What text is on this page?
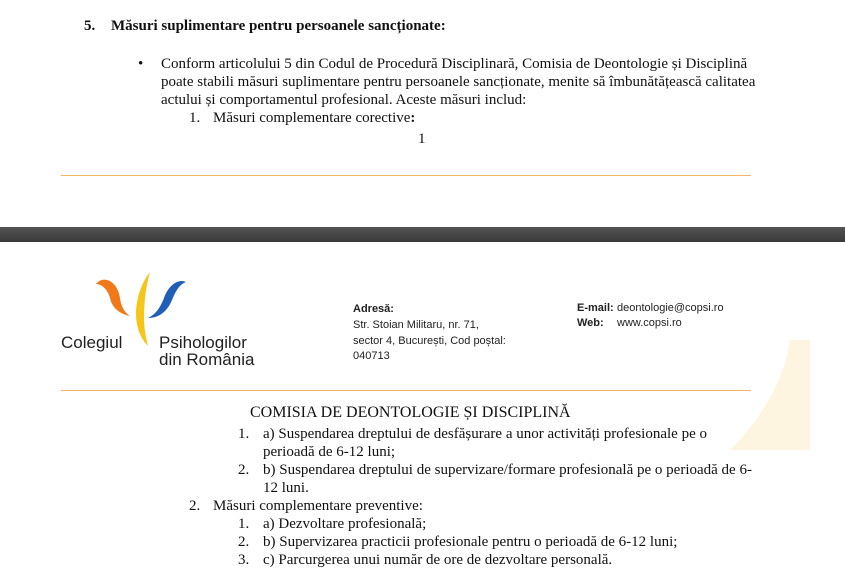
5. Măsuri suplimentare pentru persoanele sancționate:
• Conform articolului 5 din Codul de Procedură Disciplinară, Comisia de Deontologie și Disciplină
poate stabili măsuri suplimentare pentru persoanele sancționate, menite să îmbunătățească calitatea
actului și comportamentul profesional. Aceste măsuri includ:
1. Măsuri complementare corective:
1
Colegiul Psihologilor
din România
Adresă:
Str. Stoian Militaru, nr. 71,
sector 4, București, Cod poștal:
040713
E-mail: deontologie@copsi.ro
Web: www.copsi.ro
COMISIA DE DEONTOLOGIE ȘI DISCIPLINĂ
1. a) Suspendarea dreptului de desfășurare a unor activități profesionale pe o
perioadă de 6-12 luni;
2. b) Suspendarea dreptului de supervizare/formare profesională pe o perioadă de 6-
12 luni.
2. Măsuri complementare preventive:
1. a) Dezvoltare profesională;
2. b) Supervizarea practicii profesionale pentru o perioadă de 6-12 luni;
3. c) Parcurgerea unui număr de ore de dezvoltare personală.
